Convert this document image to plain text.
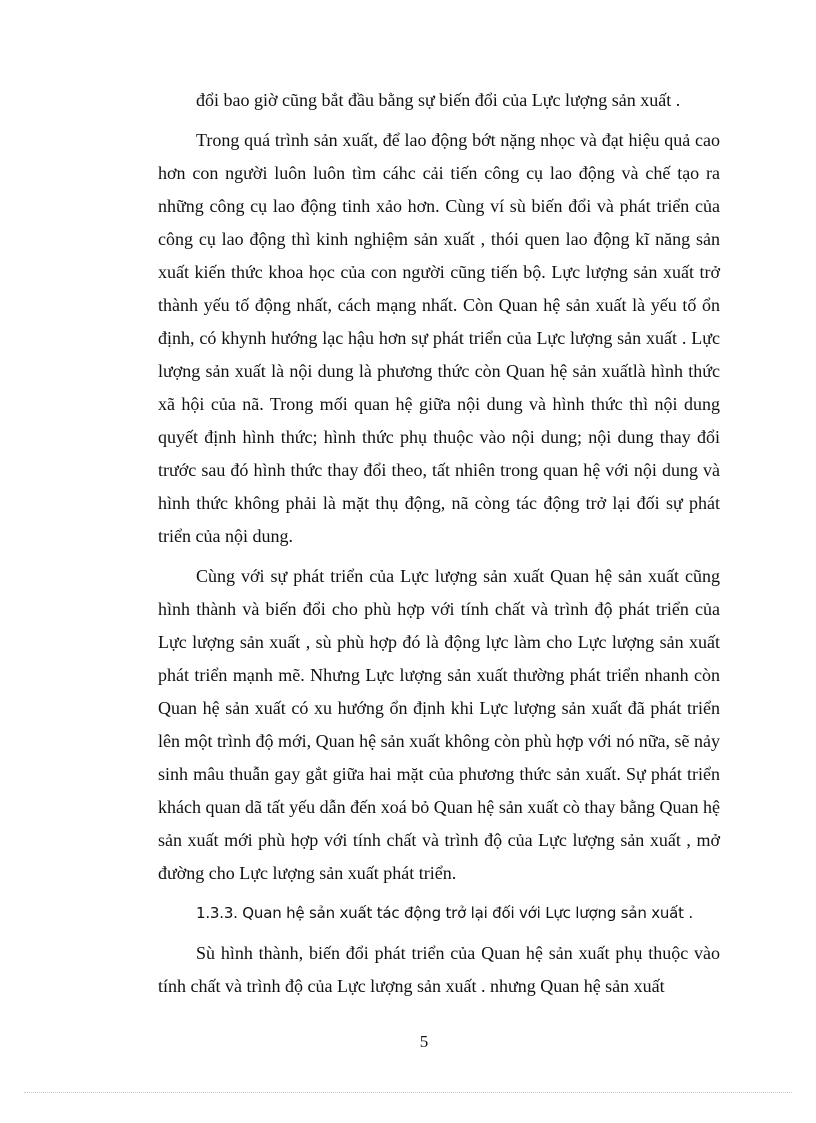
đổi bao giờ cũng bắt đầu bằng sự biến đổi của Lực lượng sản xuất .

Trong quá trình sản xuất, để lao động bớt nặng nhọc và đạt hiệu quả cao hơn con người luôn luôn tìm cáhc cải tiến công cụ lao động và chế tạo ra những công cụ lao động tinh xảo hơn. Cùng ví sù biến đổi và phát triển của công cụ lao động thì kinh nghiệm sản xuất , thói quen lao động kĩ năng sản xuất kiến thức khoa học của con người cũng tiến bộ. Lực lượng sản xuất trở thành yếu tố động nhất, cách mạng nhất. Còn Quan hệ sản xuất là yếu tố ổn định, có khynh hướng lạc hậu hơn sự phát triển của Lực lượng sản xuất . Lực lượng sản xuất là nội dung là phương thức còn Quan hệ sản xuấtlà hình thức xã hội của nã. Trong mối quan hệ giữa nội dung và hình thức thì nội dung quyết định hình thức; hình thức phụ thuộc vào nội dung; nội dung thay đổi trước sau đó hình thức thay đổi theo, tất nhiên trong quan hệ với nội dung và hình thức không phải là mặt thụ động, nã còng tác động trở lại đối sự phát triển của nội dung.

Cùng với sự phát triển của Lực lượng sản xuất Quan hệ sản xuất cũng hình thành và biến đổi cho phù hợp với tính chất và trình độ phát triển của Lực lượng sản xuất , sù phù hợp đó là động lực làm cho Lực lượng sản xuất phát triển mạnh mẽ. Nhưng Lực lượng sản xuất thường phát triển nhanh còn Quan hệ sản xuất có xu hướng ổn định khi Lực lượng sản xuất đã phát triển lên một trình độ mới, Quan hệ sản xuất không còn phù hợp với nó nữa, sẽ nảy sinh mâu thuẫn gay gắt giữa hai mặt của phương thức sản xuất. Sự phát triển khách quan dã tất yếu dẫn đến xoá bỏ Quan hệ sản xuất cò thay bằng Quan hệ sản xuất mới phù hợp với tính chất và trình độ của Lực lượng sản xuất , mở đường cho Lực lượng sản xuất phát triển.

1.3.3. Quan hệ sản xuất tác động trở lại đối với Lực lượng sản xuất .

Sù hình thành, biến đổi phát triển của Quan hệ sản xuất phụ thuộc vào tính chất và trình độ của Lực lượng sản xuất . nhưng Quan hệ sản xuất

5
